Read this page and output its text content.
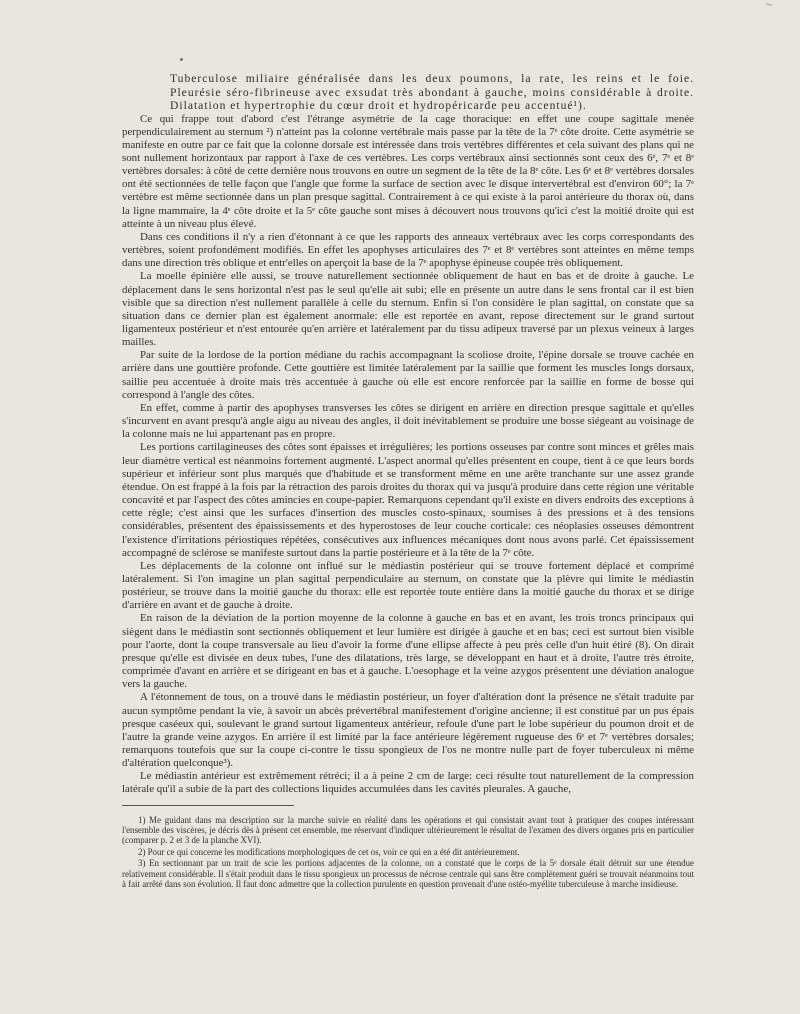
Tuberculose miliaire généralisée dans les deux poumons, la rate, les reins et le foie. Pleurésie séro-fibrineuse avec exsudat très abondant à gauche, moins considérable à droite. Dilatation et hypertrophie du cœur droit et hydropéricarde peu accentué¹).

Ce qui frappe tout d'abord c'est l'étrange asymétrie de la cage thoracique: en effet une coupe sagittale menée perpendiculairement au sternum ²) n'atteint pas la colonne vertébrale mais passe par la tête de la 7ᵉ côte droite. Cette asymétrie se manifeste en outre par ce fait que la colonne dorsale est intéressée dans trois vertèbres différentes et cela suivant des plans qui ne sont nullement horizontaux par rapport à l'axe de ces vertèbres. Les corps vertébraux ainsi sectionnés sont ceux des 6ᵉ, 7ᵉ et 8ᵉ vertèbres dorsales: à côté de cette dernière nous trouvons en outre un segment de la tête de la 8ᵉ côte. Les 6ᵉ et 8ᵉ vertèbres dorsales ont été sectionnées de telle façon que l'angle que forme la surface de section avec le disque intervertébral est d'environ 60°; la 7ᵉ vertèbre est même sectionnée dans un plan presque sagittal. Contrairement à ce qui existe à la paroi antérieure du thorax où, dans la ligne mammaire, la 4ᵉ côte droite et la 5ᵉ côte gauche sont mises à découvert nous trouvons qu'ici c'est la moitié droite qui est atteinte à un niveau plus élevé.

Dans ces conditions il n'y a rien d'étonnant à ce que les rapports des anneaux vertébraux avec les corps correspondants des vertèbres, soient profondément modifiés. En effet les apophyses articulaires des 7ᵉ et 8ᵉ vertèbres sont atteintes en même temps dans une direction très oblique et entr'elles on aperçoit la base de la 7ᵉ apophyse épineuse coupée très obliquement.

La moelle épinière elle aussi, se trouve naturellement sectionnée obliquement de haut en bas et de droite à gauche. Le déplacement dans le sens horizontal n'est pas le seul qu'elle ait subi; elle en présente un autre dans le sens frontal car il est bien visible que sa direction n'est nullement parallèle à celle du sternum. Enfin si l'on considère le plan sagittal, on constate que sa situation dans ce dernier plan est également anormale: elle est reportée en avant, repose directement sur le grand surtout ligamenteux postérieur et n'est entourée qu'en arrière et latéralement par du tissu adipeux traversé par un plexus veineux à larges mailles.

Par suite de la lordose de la portion médiane du rachis accompagnant la scoliose droite, l'épine dorsale se trouve cachée en arrière dans une gouttière profonde. Cette gouttière est limitée latéralement par la saillie que forment les muscles longs dorsaux, saillie peu accentuée à droite mais très accentuée à gauche où elle est encore renforcée par la saillie en forme de bosse qui correspond à l'angle des côtes.

En effet, comme à partir des apophyses transverses les côtes se dirigent en arrière en direction presque sagittale et qu'elles s'incurvent en avant presqu'à angle aigu au niveau des angles, il doit inévitablement se produire une bosse siégeant au voisinage de la colonne mais ne lui appartenant pas en propre.

Les portions cartilagineuses des côtes sont épaisses et irrégulières; les portions osseuses par contre sont minces et grêles mais leur diamètre vertical est néanmoins fortement augmenté. L'aspect anormal qu'elles présentent en coupe, tient à ce que leurs bords supérieur et inférieur sont plus marqués que d'habitude et se transforment même en une arête tranchante sur une assez grande étendue. On est frappé à la fois par la rétraction des parois droites du thorax qui va jusqu'à produire dans cette région une véritable concavité et par l'aspect des côtes amincies en coupe-papier. Remarquons cependant qu'il existe en divers endroits des exceptions à cette règle; c'est ainsi que les surfaces d'insertion des muscles costo-spinaux, soumises à des pressions et à des tensions considérables, présentent des épaississements et des hyperostoses de leur couche corticale: ces néoplasies osseuses démontrent l'existence d'irritations périostiques répétées, consécutives aux influences mécaniques dont nous avons parlé. Cet épaississement accompagné de sclérose se manifeste surtout dans la partie postérieure et à la tête de la 7ᵉ côte.

Les déplacements de la colonne ont influé sur le médiastin postérieur qui se trouve fortement déplacé et comprimé latéralement. Si l'on imagine un plan sagittal perpendiculaire au sternum, on constate que la plèvre qui limite le médiastin postérieur, se trouve dans la moitié gauche du thorax: elle est reportée toute entière dans la moitié gauche du thorax et se dirige d'arrière en avant et de gauche à droite.

En raison de la déviation de la portion moyenne de la colonne à gauche en bas et en avant, les trois troncs principaux qui siègent dans le médiastin sont sectionnés obliquement et leur lumière est dirigée à gauche et en bas; ceci est surtout bien visible pour l'aorte, dont la coupe transversale au lieu d'avoir la forme d'une ellipse affecte à peu près celle d'un huit étiré (8). On dirait presque qu'elle est divisée en deux tubes, l'une des dilatations, très large, se développant en haut et à droite, l'autre très étroite, comprimée d'avant en arrière et se dirigeant en bas et à gauche. L'oesophage et la veine azygos présentent une déviation analogue vers la gauche.

A l'étonnement de tous, on a trouvé dans le médiastin postérieur, un foyer d'altération dont la présence ne s'était traduite par aucun symptôme pendant la vie, à savoir un abcès prévertébral manifestement d'origine ancienne; il est constitué par un pus épais presque caséeux qui, soulevant le grand surtout ligamenteux antérieur, refoule d'une part le lobe supérieur du poumon droit et de l'autre la grande veine azygos. En arrière il est limité par la face antérieure légèrement rugueuse des 6ᵉ et 7ᵉ vertèbres dorsales; remarquons toutefois que sur la coupe ci-contre le tissu spongieux de l'os ne montre nulle part de foyer tuberculeux ni même d'altération quelconque³).

Le médiastin antérieur est extrêmement rétréci; il a à peine 2 cm de large: ceci résulte tout naturellement de la compression latérale qu'il a subie de la part des collections liquides accumulées dans les cavités pleurales. A gauche,

1) Me guidant dans ma description sur la marche suivie en réalité dans les opérations et qui consistait avant tout à pratiquer des coupes intéressant l'ensemble des viscères, je décris dès à présent cet ensemble, me réservant d'indiquer ultérieurement le résultat de l'examen des divers organes pris en particulier (comparer p. 2 et 3 de la planche XVI).

2) Pour ce qui concerne les modifications morphologiques de cet os, voir ce qui en a été dit antérieurement.

3) En sectionnant par un trait de scie les portions adjacentes de la colonne, on a constaté que le corps de la 5ᵉ dorsale était détruit sur une étendue relativement considérable. Il s'était produit dans le tissu spongieux un processus de nécrose centrale qui sans être complètement guéri se trouvait néanmoins tout à fait arrêté dans son évolution. Il faut donc admettre que la collection purulente en question provenait d'une ostéo-myélite tuberculeuse à marche insidieuse.
